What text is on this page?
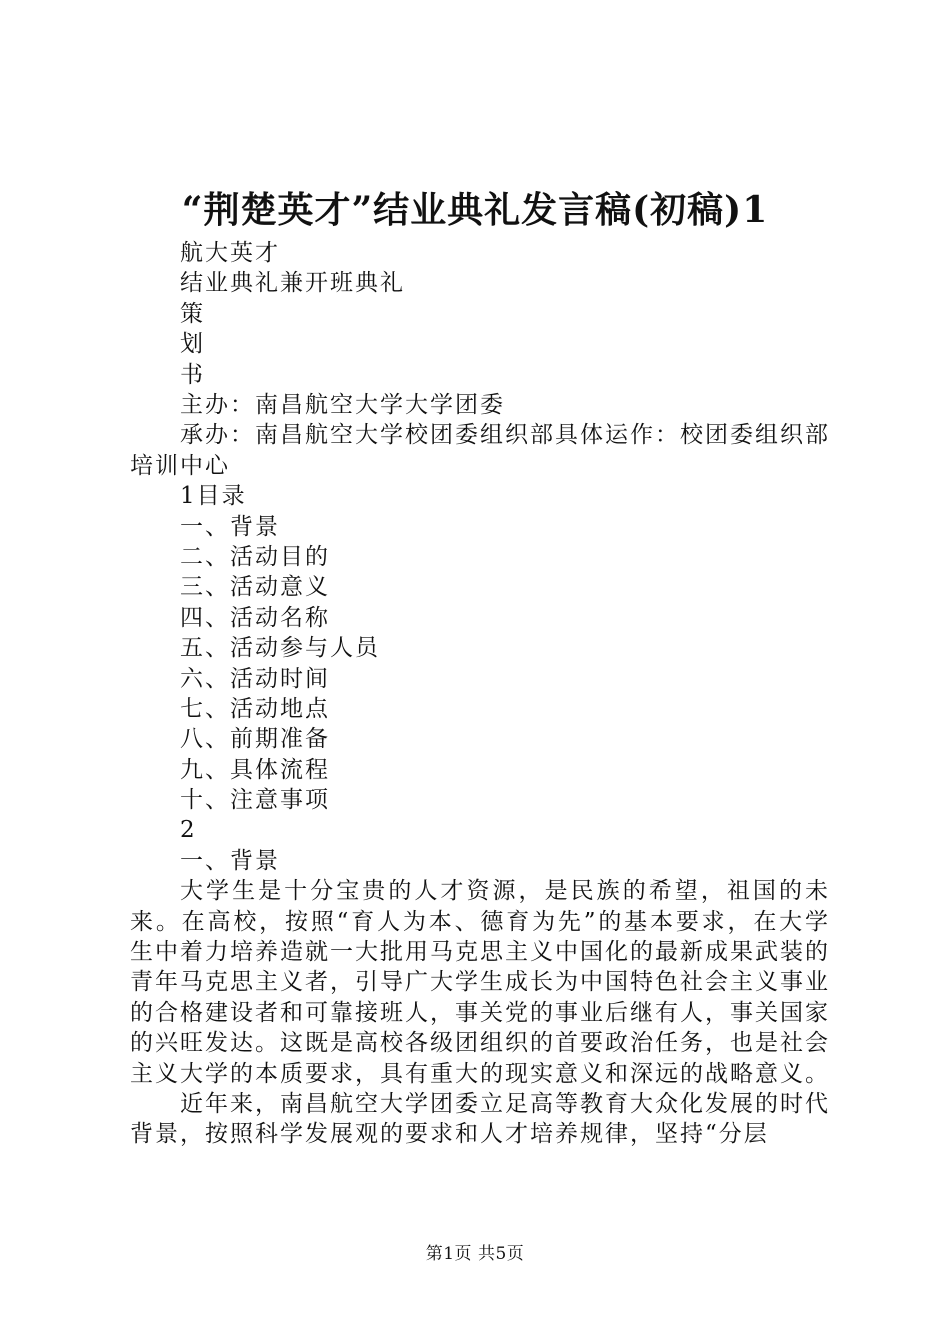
“荆楚英才”结业典礼发言稿(初稿)1
航大英才
结业典礼兼开班典礼
策
划
书
主办：南昌航空大学大学团委

承办：南昌航空大学校团委组织部具体运作：校团委组织部培训中心

1目录
一、背景
二、活动目的
三、活动意义
四、活动名称
五、活动参与人员
六、活动时间
七、活动地点
八、前期准备
九、具体流程
十、注意事项
2
一、背景

大学生是十分宝贵的人才资源，是民族的希望，祖国的未来。在高校，按照“育人为本、德育为先”的基本要求，在大学生中着力培养造就一大批用马克思主义中国化的最新成果武装的青年马克思主义者，引导广大学生成长为中国特色社会主义事业的合格建设者和可靠接班人，事关党的事业后继有人，事关国家的兴旺发达。这既是高校各级团组织的首要政治任务，也是社会主义大学的本质要求，具有重大的现实意义和深远的战略意义。

近年来，南昌航空大学团委立足高等教育大众化发展的时代背景，按照科学发展观的要求和人才培养规律，坚持“分层

第1页 共5页
